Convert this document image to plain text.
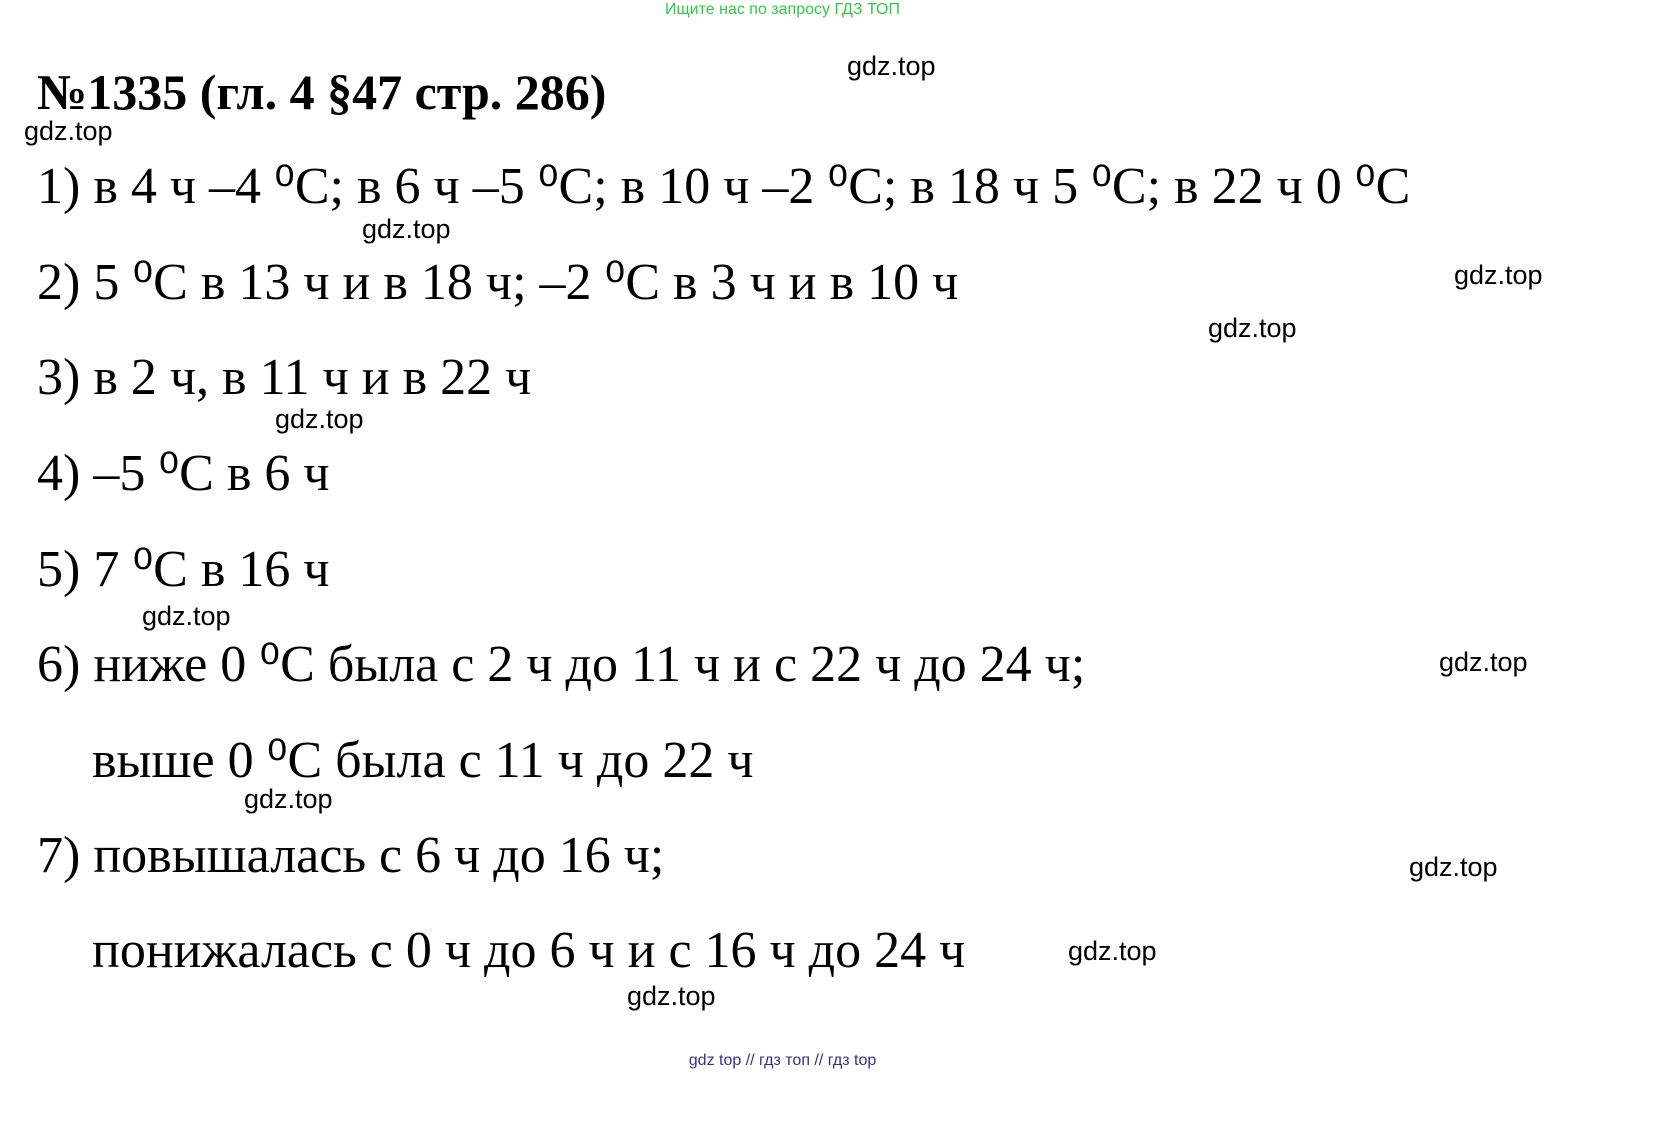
Ищите нас по запросу ГДЗ ТОП
№1335 (гл. 4 §47 стр. 286)
1) в 4 ч –4 ⁰С; в 6 ч –5 ⁰С; в 10 ч –2 ⁰С; в 18 ч 5 ⁰С; в 22 ч 0 ⁰С
2) 5 ⁰С в 13 ч и в 18 ч; –2 ⁰С в 3 ч и в 10 ч
3) в 2 ч, в 11 ч и в 22 ч
4) –5 ⁰С в 6 ч
5) 7 ⁰С в 16 ч
6) ниже 0 ⁰С была с 2 ч до 11 ч и с 22 ч до 24 ч;
выше 0 ⁰С была с 11 ч до 22 ч
7) повышалась с 6 ч до 16 ч;
понижалась с 0 ч до 6 ч и с 16 ч до 24 ч
gdz.top
gdz.top
gdz.top
gdz.top
gdz.top
gdz.top
gdz.top
gdz.top
gdz.top
gdz.top
gdz.top
gdz.top
gdz top // гдз топ // гдз top
